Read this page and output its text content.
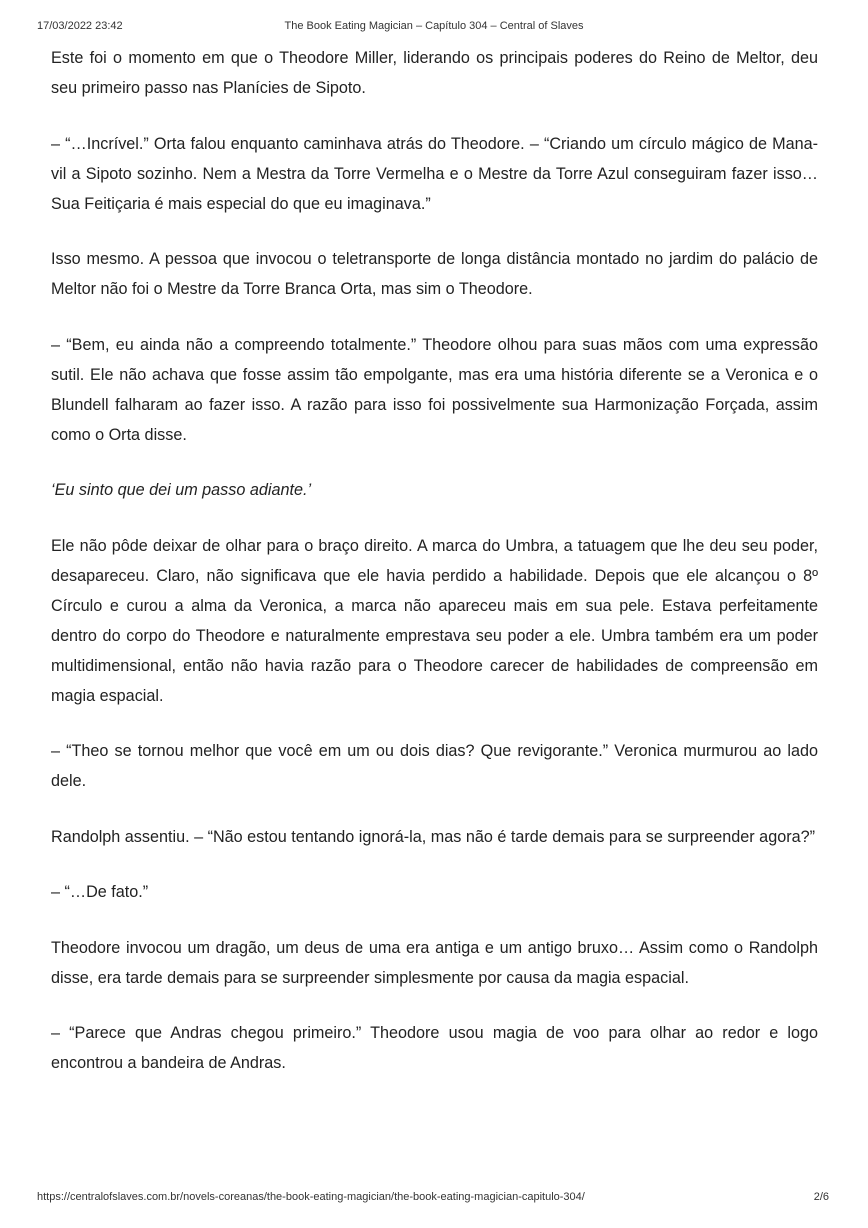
17/03/2022 23:42	The Book Eating Magician – Capítulo 304 – Central of Slaves

Este foi o momento em que o Theodore Miller, liderando os principais poderes do Reino de Meltor, deu seu primeiro passo nas Planícies de Sipoto.

– “…Incrível.” Orta falou enquanto caminhava atrás do Theodore. – “Criando um círculo mágico de Mana-vil a Sipoto sozinho. Nem a Mestra da Torre Vermelha e o Mestre da Torre Azul conseguiram fazer isso… Sua Feitiçaria é mais especial do que eu imaginava.”

Isso mesmo. A pessoa que invocou o teletransporte de longa distância montado no jardim do palácio de Meltor não foi o Mestre da Torre Branca Orta, mas sim o Theodore.

– “Bem, eu ainda não a compreendo totalmente.” Theodore olhou para suas mãos com uma expressão sutil. Ele não achava que fosse assim tão empolgante, mas era uma história diferente se a Veronica e o Blundell falharam ao fazer isso. A razão para isso foi possivelmente sua Harmonização Forçada, assim como o Orta disse.

‘Eu sinto que dei um passo adiante.’

Ele não pôde deixar de olhar para o braço direito. A marca do Umbra, a tatuagem que lhe deu seu poder, desapareceu. Claro, não significava que ele havia perdido a habilidade. Depois que ele alcançou o 8º Círculo e curou a alma da Veronica, a marca não apareceu mais em sua pele. Estava perfeitamente dentro do corpo do Theodore e naturalmente emprestava seu poder a ele. Umbra também era um poder multidimensional, então não havia razão para o Theodore carecer de habilidades de compreensão em magia espacial.

– “Theo se tornou melhor que você em um ou dois dias? Que revigorante.” Veronica murmurou ao lado dele.

Randolph assentiu. – “Não estou tentando ignorá-la, mas não é tarde demais para se surpreender agora?”

– “…De fato.”

Theodore invocou um dragão, um deus de uma era antiga e um antigo bruxo… Assim como o Randolph disse, era tarde demais para se surpreender simplesmente por causa da magia espacial.

– “Parece que Andras chegou primeiro.” Theodore usou magia de voo para olhar ao redor e logo encontrou a bandeira de Andras.

https://centralofslaves.com.br/novels-coreanas/the-book-eating-magician/the-book-eating-magician-capitulo-304/	2/6
